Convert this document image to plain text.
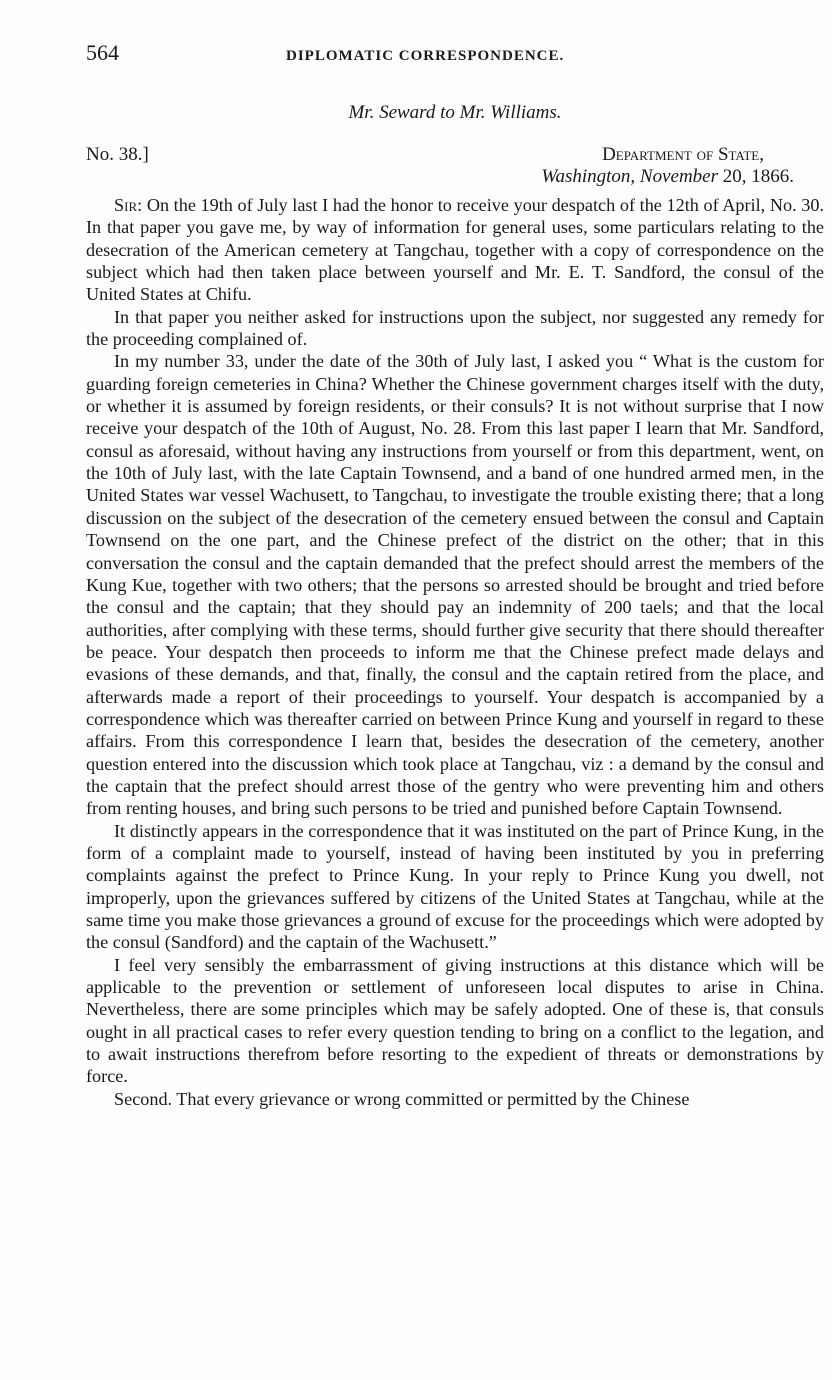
564	DIPLOMATIC CORRESPONDENCE.
Mr. Seward to Mr. Williams.
No. 38.]	Department of State,
Washington, November 20, 1866.

Sir: On the 19th of July last I had the honor to receive your despatch of the 12th of April, No. 30. In that paper you gave me, by way of information for general uses, some particulars relating to the desecration of the American cemetery at Tangchau, together with a copy of correspondence on the subject which had then taken place between yourself and Mr. E. T. Sandford, the consul of the United States at Chifu.

In that paper you neither asked for instructions upon the subject, nor suggested any remedy for the proceeding complained of.

In my number 33, under the date of the 30th of July last, I asked you “ What is the custom for guarding foreign cemeteries in China? Whether the Chinese government charges itself with the duty, or whether it is assumed by foreign residents, or their consuls? It is not without surprise that I now receive your despatch of the 10th of August, No. 28. From this last paper I learn that Mr. Sandford, consul as aforesaid, without having any instructions from yourself or from this department, went, on the 10th of July last, with the late Captain Townsend, and a band of one hundred armed men, in the United States war vessel Wachusett, to Tangchau, to investigate the trouble existing there; that a long discussion on the subject of the desecration of the cemetery ensued between the consul and Captain Townsend on the one part, and the Chinese prefect of the district on the other; that in this conversation the consul and the captain demanded that the prefect should arrest the members of the Kung Kue, together with two others; that the persons so arrested should be brought and tried before the consul and the captain; that they should pay an indemnity of 200 taels; and that the local authorities, after complying with these terms, should further give security that there should thereafter be peace. Your despatch then proceeds to inform me that the Chinese prefect made delays and evasions of these demands, and that, finally, the consul and the captain retired from the place, and afterwards made a report of their proceedings to yourself. Your despatch is accompanied by a correspondence which was thereafter carried on between Prince Kung and yourself in regard to these affairs. From this correspondence I learn that, besides the desecration of the cemetery, another question entered into the discussion which took place at Tangchau, viz : a demand by the consul and the captain that the prefect should arrest those of the gentry who were preventing him and others from renting houses, and bring such persons to be tried and punished before Captain Townsend.

It distinctly appears in the correspondence that it was instituted on the part of Prince Kung, in the form of a complaint made to yourself, instead of having been instituted by you in preferring complaints against the prefect to Prince Kung. In your reply to Prince Kung you dwell, not improperly, upon the grievances suffered by citizens of the United States at Tangchau, while at the same time you make those grievances a ground of excuse for the proceedings which were adopted by the consul (Sandford) and the captain of the Wachusett.”

I feel very sensibly the embarrassment of giving instructions at this distance which will be applicable to the prevention or settlement of unforeseen local disputes to arise in China. Nevertheless, there are some principles which may be safely adopted. One of these is, that consuls ought in all practical cases to refer every question tending to bring on a conflict to the legation, and to await instructions therefrom before resorting to the expedient of threats or demonstrations by force.

Second. That every grievance or wrong committed or permitted by the Chinese
